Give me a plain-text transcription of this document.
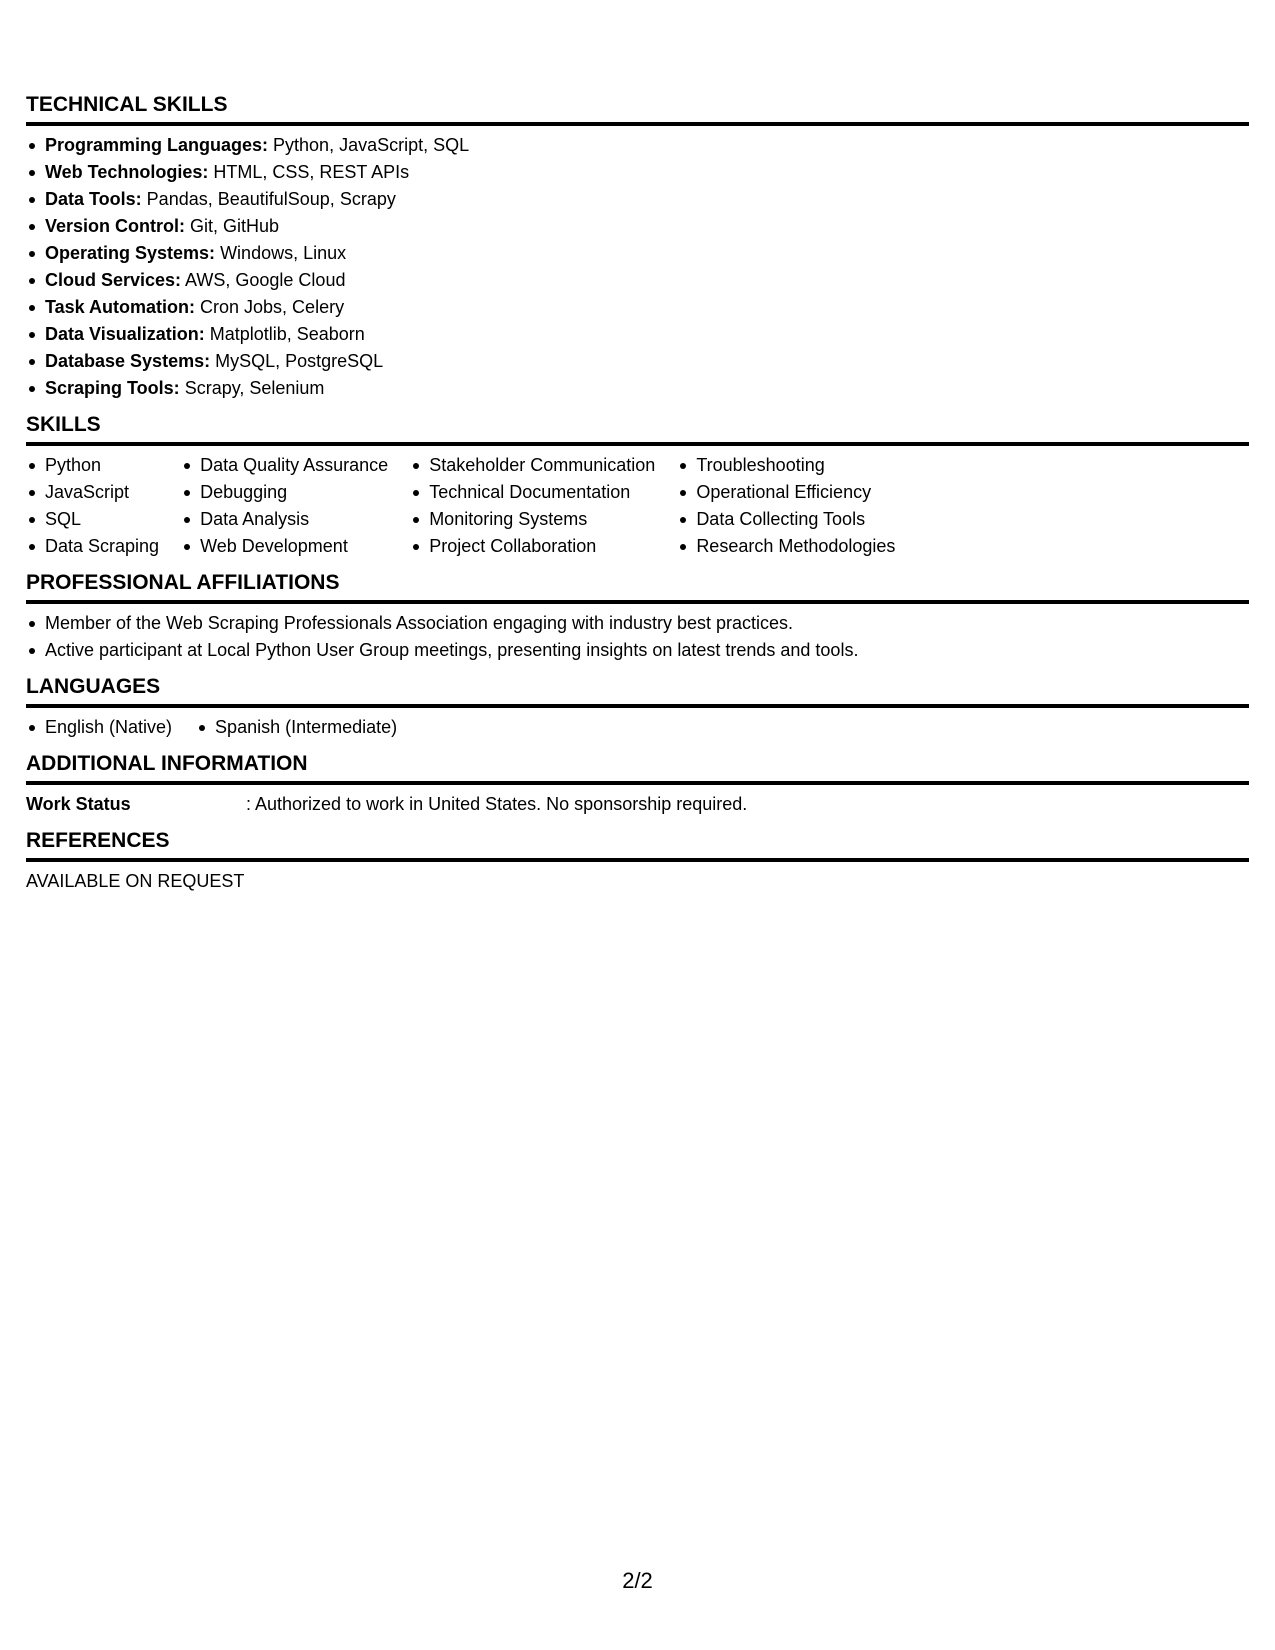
TECHNICAL SKILLS
Programming Languages: Python, JavaScript, SQL
Web Technologies: HTML, CSS, REST APIs
Data Tools: Pandas, BeautifulSoup, Scrapy
Version Control: Git, GitHub
Operating Systems: Windows, Linux
Cloud Services: AWS, Google Cloud
Task Automation: Cron Jobs, Celery
Data Visualization: Matplotlib, Seaborn
Database Systems: MySQL, PostgreSQL
Scraping Tools: Scrapy, Selenium
SKILLS
Python
JavaScript
SQL
Data Scraping
Data Quality Assurance
Debugging
Data Analysis
Web Development
Stakeholder Communication
Technical Documentation
Monitoring Systems
Project Collaboration
Troubleshooting
Operational Efficiency
Data Collecting Tools
Research Methodologies
PROFESSIONAL AFFILIATIONS
Member of the Web Scraping Professionals Association engaging with industry best practices.
Active participant at Local Python User Group meetings, presenting insights on latest trends and tools.
LANGUAGES
English (Native) Spanish (Intermediate)
ADDITIONAL INFORMATION
Work Status	: Authorized to work in United States. No sponsorship required.
REFERENCES
AVAILABLE ON REQUEST
2/2
